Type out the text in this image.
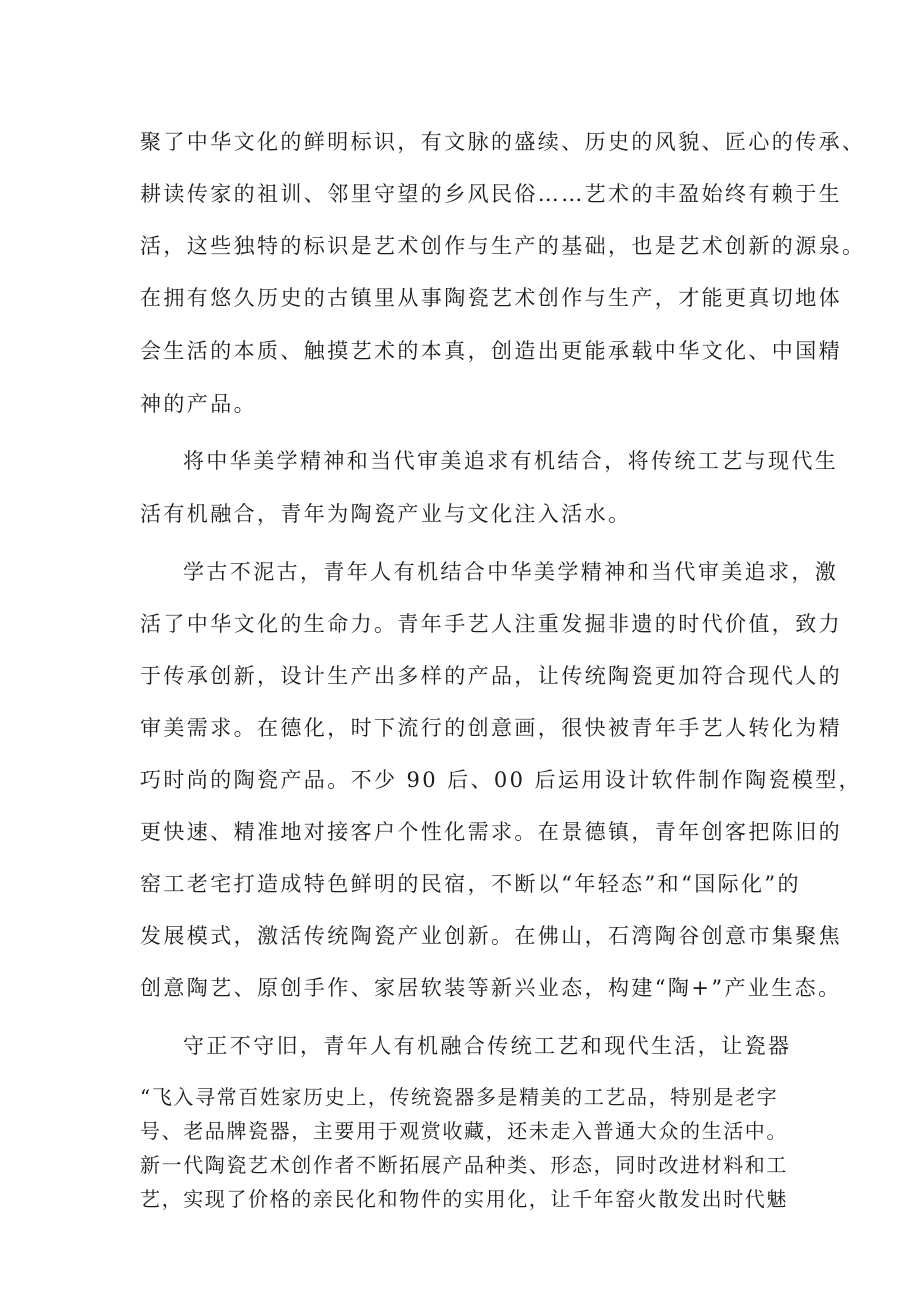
聚了中华文化的鲜明标识，有文脉的盛续、历史的风貌、匠心的传承、

耕读传家的祖训、邻里守望的乡风民俗……艺术的丰盈始终有赖于生

活，这些独特的标识是艺术创作与生产的基础，也是艺术创新的源泉。

在拥有悠久历史的古镇里从事陶瓷艺术创作与生产，才能更真切地体

会生活的本质、触摸艺术的本真，创造出更能承载中华文化、中国精

神的产品。

将中华美学精神和当代审美追求有机结合，将传统工艺与现代生

活有机融合，青年为陶瓷产业与文化注入活水。

学古不泥古，青年人有机结合中华美学精神和当代审美追求，激

活了中华文化的生命力。青年手艺人注重发掘非遗的时代价值，致力

于传承创新，设计生产出多样的产品，让传统陶瓷更加符合现代人的

审美需求。在德化，时下流行的创意画，很快被青年手艺人转化为精

巧时尚的陶瓷产品。不少 90 后、00 后运用设计软件制作陶瓷模型，

更快速、精准地对接客户个性化需求。在景德镇，青年创客把陈旧的

窑工老宅打造成特色鲜明的民宿，不断以“年轻态”和“国际化”的

发展模式，激活传统陶瓷产业创新。在佛山，石湾陶谷创意市集聚焦

创意陶艺、原创手作、家居软装等新兴业态，构建“陶+”产业生态。

守正不守旧，青年人有机融合传统工艺和现代生活，让瓷器

“飞入寻常百姓家历史上，传统瓷器多是精美的工艺品，特别是老字

号、老品牌瓷器，主要用于观赏收藏，还未走入普通大众的生活中。

新一代陶瓷艺术创作者不断拓展产品种类、形态，同时改进材料和工

艺，实现了价格的亲民化和物件的实用化，让千年窑火散发出时代魅
